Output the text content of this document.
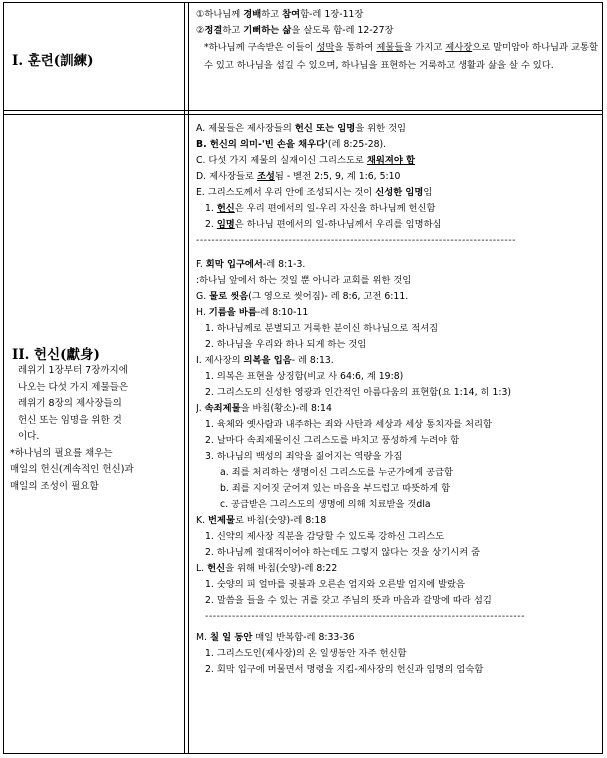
I. 훈련(訓練)
①하나님께 경배하고 참여함-레 1장-11장
②정결하고 기뻐하는 삶을 살도록 함-레 12-27장
*하나님께 구속받은 이들이 성막을 통하여 제물들을 가지고 제사장으로 말미암아 하나님과 교통할 수 있고 하나님을 섬길 수 있으며, 하나님을 표현하는 거룩하고 생활과 삶을 살 수 있다.
II. 헌신(獻身)
레위기 1장부터 7장까지에
나오는 다섯 가지 제물들은
레위기 8장의 제사장들의
헌신 또는 임명을 위한 것
이다.
*하나님의 필요를 채우는
매일의 헌신(계속적인 헌신)과
매일의 조성이 필요함
A. 제물들은 제사장들의 헌신 또는 임명을 위한 것임
B. 헌신의 의미-'빈 손을 채우다'(레 8:25-28).
C. 다섯 가지 제물의 실재이신 그리스도로 채워져야 함
D. 제사장들로 조성됨 - 벧전 2:5, 9, 계 1:6, 5:10
E. 그리스도께서 우리 안에 조성되시는 것이 신성한 임명임
1. 헌신은 우리 편에서의 일-우리 자신을 하나님께 헌신함
2. 임명은 하나님 편에서의 일-하나님께서 우리를 임명하심
-----------------------------------------------------------------------------------
F. 회막 입구에서-레 8:1-3.
:하나님 앞에서 하는 것일 뿐 아니라 교회를 위한 것임
G. 물로 씻음(그 영으로 씻어짐)- 레 8:6, 고전 6:11.
H. 기름을 바름-레 8:10-11
1. 하나님께로 분별되고 거룩한 분이신 하나님으로 적셔짐
2. 하나님을 우리와 하나 되게 하는 것임
I. 제사장의 의복을 입음- 레 8:13.
1. 의복은 표현을 상징함(비교 사 64:6, 계 19:8)
2. 그리스도의 신성한 영광과 인간적인 아름다움의 표현함(요 1:14, 히 1:3)
J. 속죄제물을 바침(황소)-레 8:14
1. 육체와 옛사람과 내주하는 죄와 사탄과 세상과 세상 통치자를 처리함
2. 날마다 속죄제물이신 그리스도를 바치고 풍성하게 누려야 함
3. 하나님의 백성의 죄악을 짊어지는 역량을 가짐
a. 죄를 처리하는 생명이신 그리스도를 누군가에게 공급함
b. 죄를 지어짓 굳어져 있는 마음을 부드럽고 따뜻하게 함
c. 공급받은 그리스도의 생명에 의해 치료받을 것dla
K. 번제물로 바침(숫양)-레 8:18
1. 신약의 제사장 직분을 감당할 수 있도록 강하신 그리스도
2. 하나님께 절대적이어야 하는데도 그렇지 않다는 것을 상기시켜 줌
L. 헌신을 위해 바침(숫양)-레 8:22
1. 숫양의 피 얼마를 귓불과 오른손 엄지와 오른발 엄지에 발랐음
2. 말씀을 들을 수 있는 귀를 갖고 주님의 뜻과 마음과 갈망에 따라 섬김
-----------------------------------------------------------------------------------
M. 칠 일 동안 매일 반복함-레 8:33-36
1. 그리스도인(제사장)의 온 일생동안 자주 헌신함
2. 회막 입구에 머물면서 명령을 지킴-제사장의 헌신과 임명의 엄숙함
